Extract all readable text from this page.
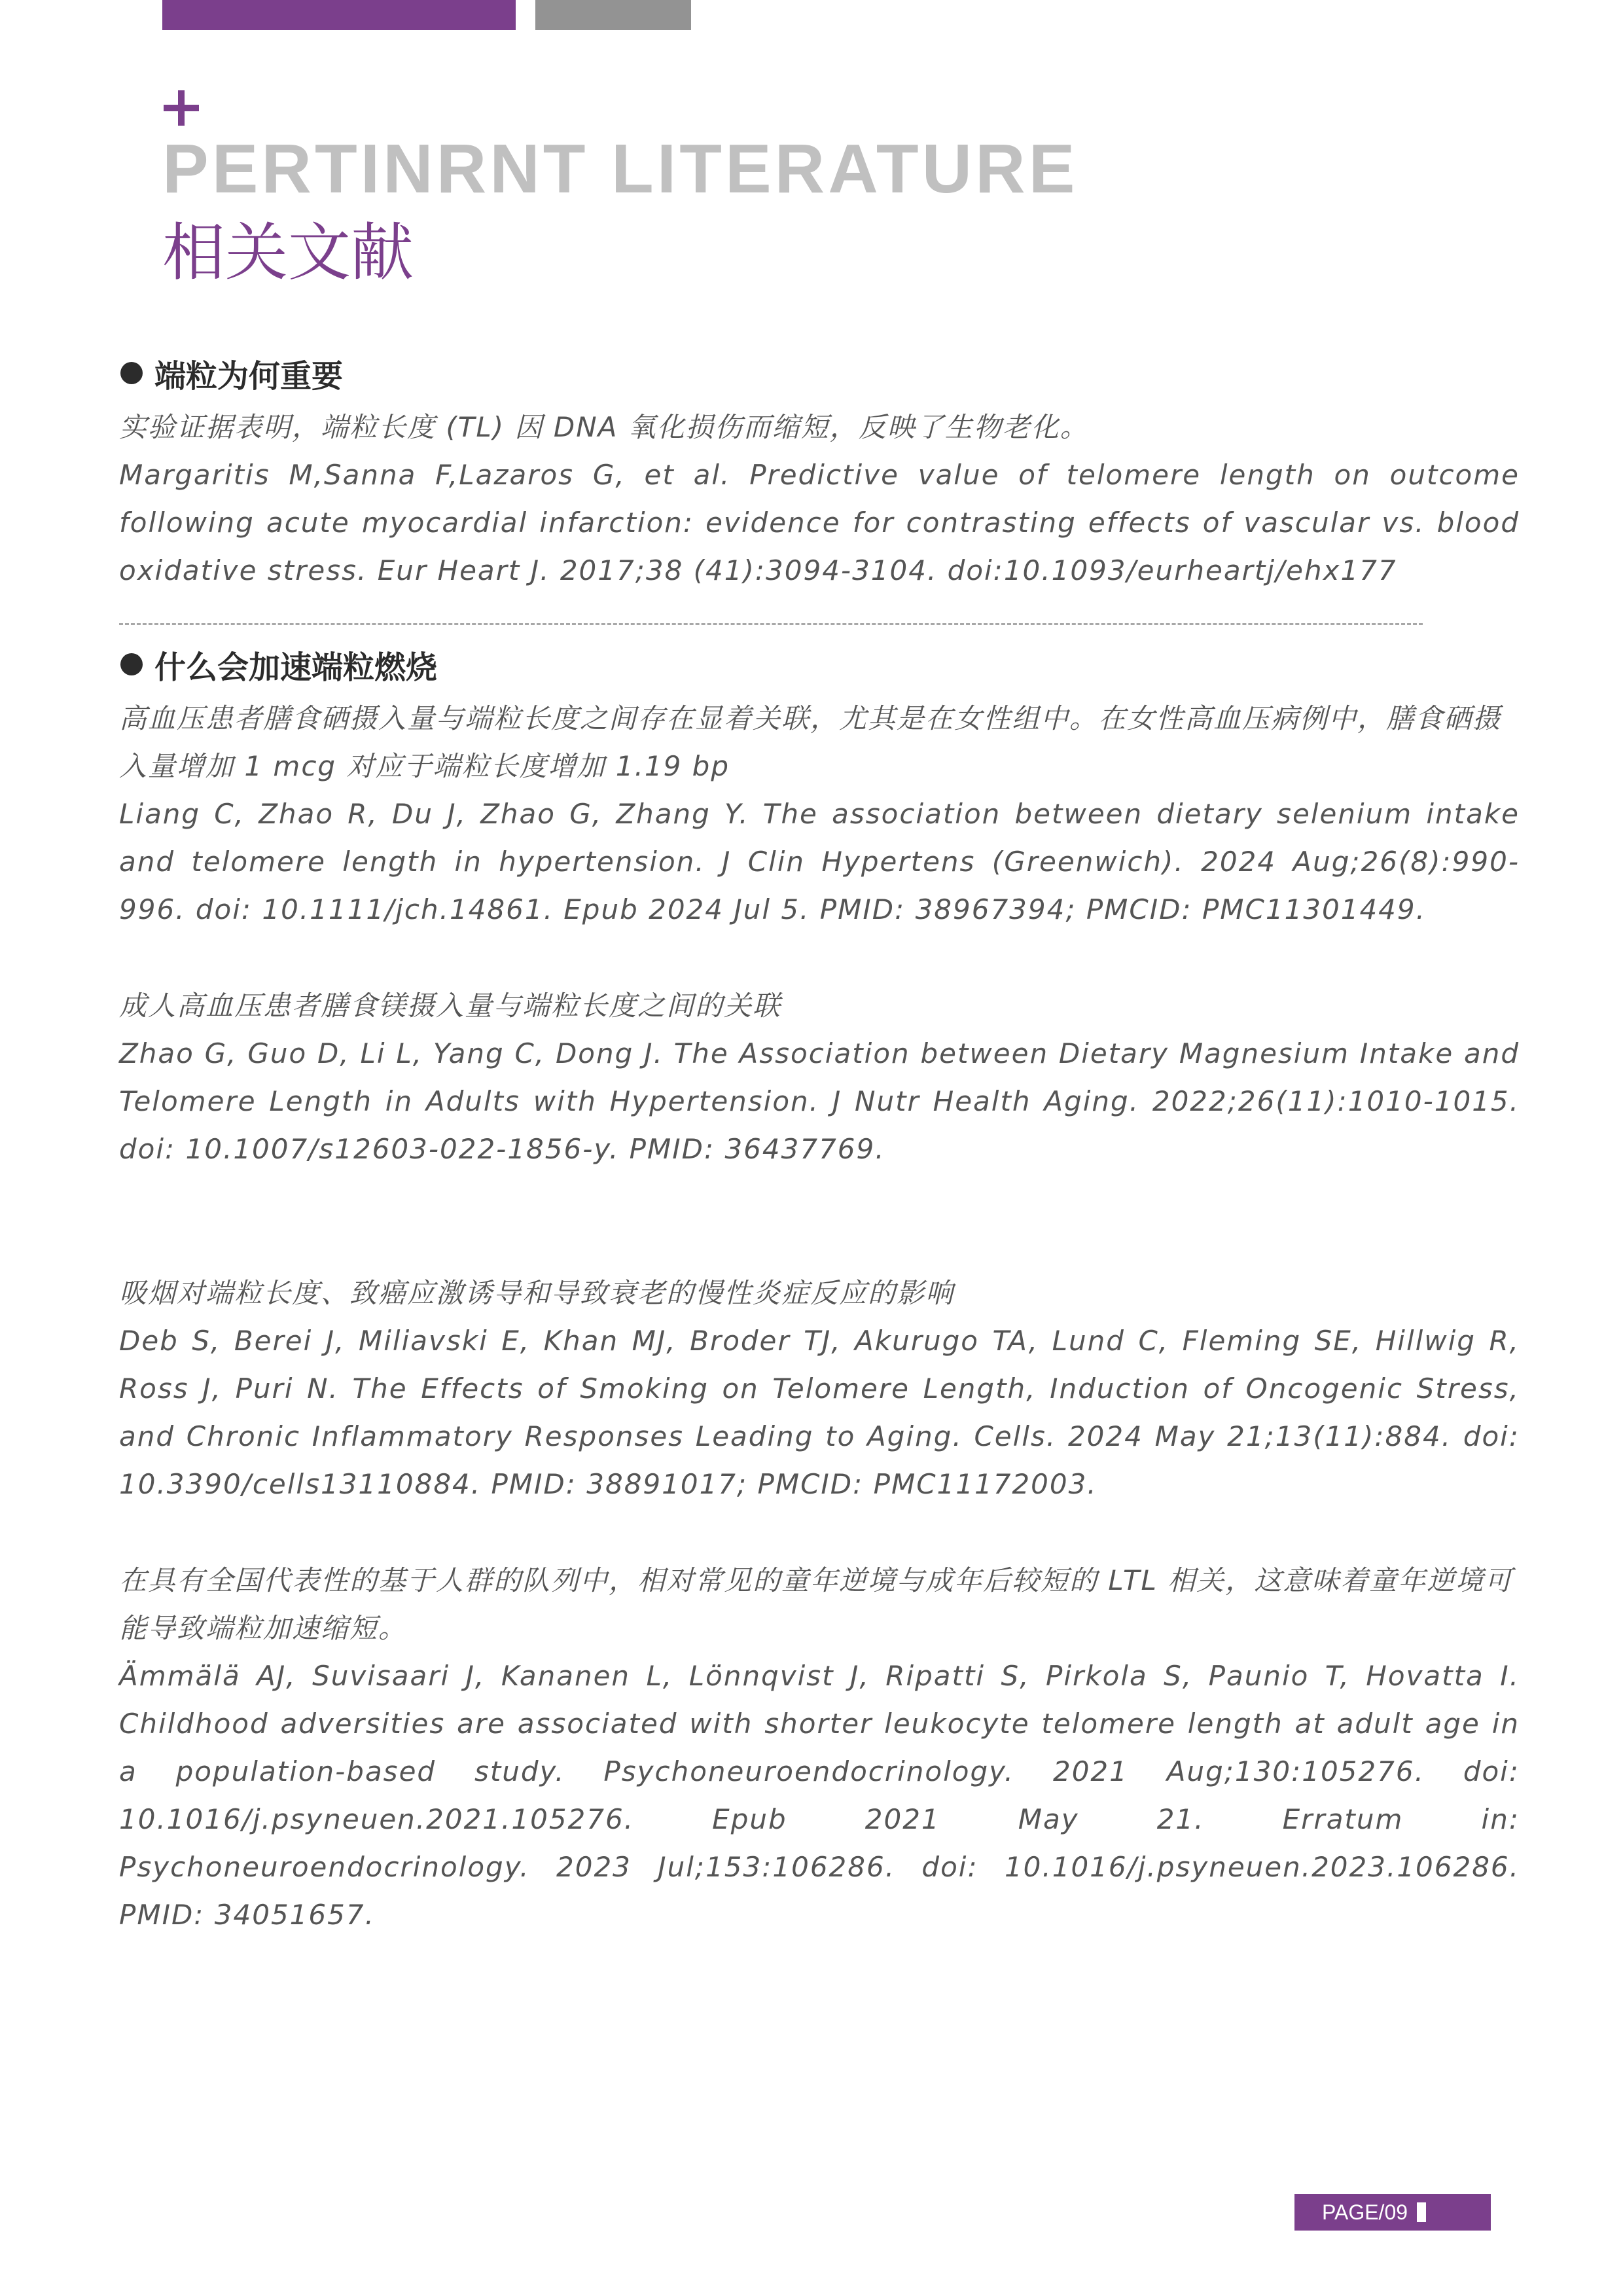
PERTINRNT LITERATURE
相关文献
端粒为何重要

实验证据表明，端粒长度 (TL) 因 DNA 氧化损伤而缩短，反映了生物老化。

Margaritis M,Sanna F,Lazaros G, et al. Predictive value of telomere length on outcome following acute myocardial infarction: evidence for contrasting effects of vascular vs. blood oxidative stress. Eur Heart J. 2017;38 (41):3094-3104. doi:10.1093/eurheartj/ehx177

什么会加速端粒燃烧

高血压患者膳食硒摄入量与端粒长度之间存在显着关联，尤其是在女性组中。在女性高血压病例中，膳食硒摄入量增加 1 mcg 对应于端粒长度增加 1.19 bp

Liang C, Zhao R, Du J, Zhao G, Zhang Y. The association between dietary selenium intake and telomere length in hypertension. J Clin Hypertens (Greenwich). 2024 Aug;26(8):990-996. doi: 10.1111/jch.14861. Epub 2024 Jul 5. PMID: 38967394; PMCID: PMC11301449.

成人高血压患者膳食镁摄入量与端粒长度之间的关联

Zhao G, Guo D, Li L, Yang C, Dong J. The Association between Dietary Magnesium Intake and Telomere Length in Adults with Hypertension. J Nutr Health Aging. 2022;26(11):1010-1015. doi: 10.1007/s12603-022-1856-y. PMID: 36437769.

吸烟对端粒长度、致癌应激诱导和导致衰老的慢性炎症反应的影响

Deb S, Berei J, Miliavski E, Khan MJ, Broder TJ, Akurugo TA, Lund C, Fleming SE, Hillwig R, Ross J, Puri N. The Effects of Smoking on Telomere Length, Induction of Oncogenic Stress, and Chronic Inflammatory Responses Leading to Aging. Cells. 2024 May 21;13(11):884. doi: 10.3390/cells13110884. PMID: 38891017; PMCID: PMC11172003.

在具有全国代表性的基于人群的队列中，相对常见的童年逆境与成年后较短的 LTL 相关，这意味着童年逆境可能导致端粒加速缩短。

Ämmälä AJ, Suvisaari J, Kananen L, Lönnqvist J, Ripatti S, Pirkola S, Paunio T, Hovatta I. Childhood adversities are associated with shorter leukocyte telomere length at adult age in a population-based study. Psychoneuroendocrinology. 2021 Aug;130:105276. doi: 10.1016/j.psyneuen.2021.105276. Epub 2021 May 21. Erratum in: Psychoneuroendocrinology. 2023 Jul;153:106286. doi: 10.1016/j.psyneuen.2023.106286. PMID: 34051657.

PAGE/09
